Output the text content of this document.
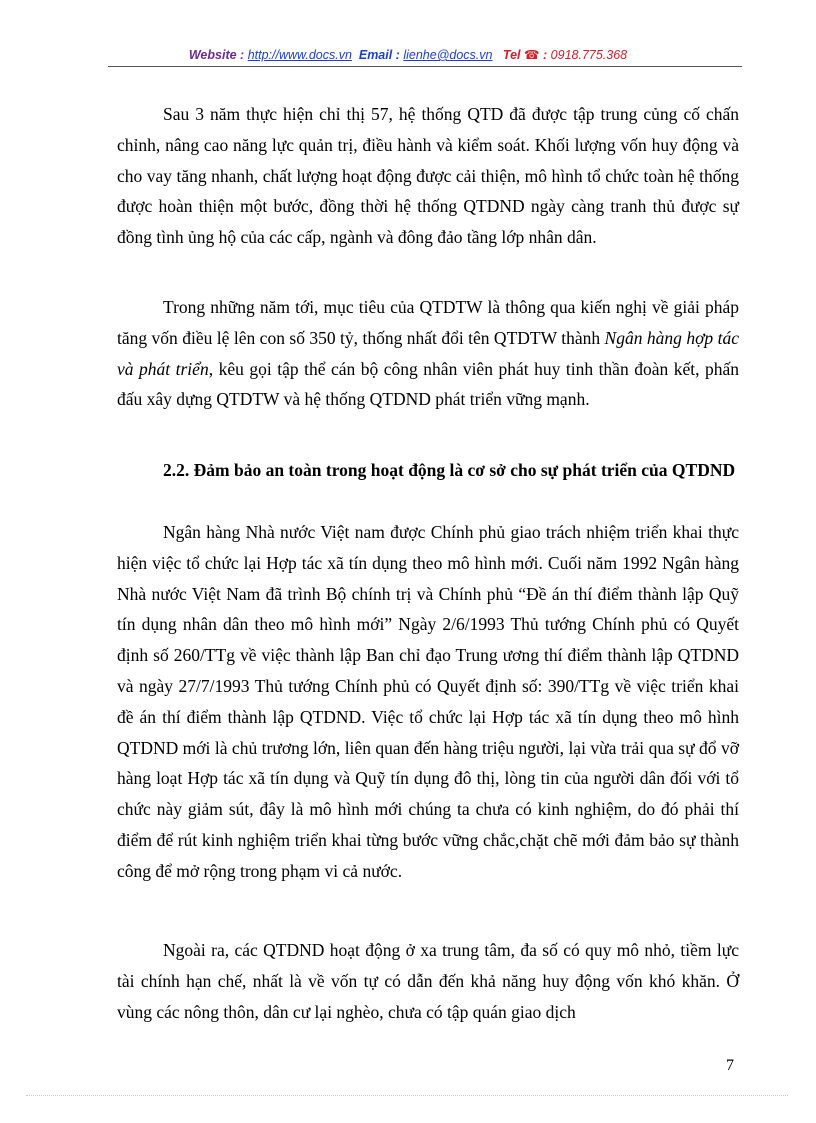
Website : http://www.docs.vn Email : lienhe@docs.vn Tel ☎ : 0918.775.368
Sau 3 năm thực hiện chỉ thị 57, hệ thống QTD đã được tập trung củng cố chấn chỉnh, nâng cao năng lực quản trị, điều hành và kiểm soát. Khối lượng vốn huy động và cho vay tăng nhanh, chất lượng hoạt động được cải thiện, mô hình tổ chức toàn hệ thống được hoàn thiện một bước, đồng thời hệ thống QTDND ngày càng tranh thủ được sự đồng tình ủng hộ của các cấp, ngành và đông đảo tầng lớp nhân dân.
Trong những năm tới, mục tiêu của QTDTW là thông qua kiến nghị về giải pháp tăng vốn điều lệ lên con số 350 tỷ, thống nhất đổi tên QTDTW thành Ngân hàng hợp tác và phát triển, kêu gọi tập thể cán bộ công nhân viên phát huy tinh thần đoàn kết, phấn đấu xây dựng QTDTW và hệ thống QTDND phát triển vững mạnh.
2.2. Đảm bảo an toàn trong hoạt động là cơ sở cho sự phát triển của QTDND
Ngân hàng Nhà nước Việt nam được Chính phủ giao trách nhiệm triển khai thực hiện việc tổ chức lại Hợp tác xã tín dụng theo mô hình mới. Cuối năm 1992 Ngân hàng Nhà nước Việt Nam đã trình Bộ chính trị và Chính phủ “Đề án thí điểm thành lập Quỹ tín dụng nhân dân theo mô hình mới” Ngày 2/6/1993 Thủ tướng Chính phủ có Quyết định số 260/TTg về việc thành lập Ban chỉ đạo Trung ương thí điểm thành lập QTDND và ngày 27/7/1993 Thủ tướng Chính phủ có Quyết định số: 390/TTg về việc triển khai đề án thí điểm thành lập QTDND. Việc tổ chức lại Hợp tác xã tín dụng theo mô hình QTDND mới là chủ trương lớn, liên quan đến hàng triệu người, lại vừa trải qua sự đổ vỡ hàng loạt Hợp tác xã tín dụng và Quỹ tín dụng đô thị, lòng tin của người dân đối với tổ chức này giảm sút, đây là mô hình mới chúng ta chưa có kinh nghiệm, do đó phải thí điểm để rút kinh nghiệm triển khai từng bước vững chắc,chặt chẽ mới đảm bảo sự thành công để mở rộng trong phạm vi cả nước.
Ngoài ra, các QTDND hoạt động ở xa trung tâm, đa số có quy mô nhỏ, tiềm lực tài chính hạn chế, nhất là về vốn tự có dẫn đến khả năng huy động vốn khó khăn. Ở vùng các nông thôn, dân cư lại nghèo, chưa có tập quán giao dịch
7
